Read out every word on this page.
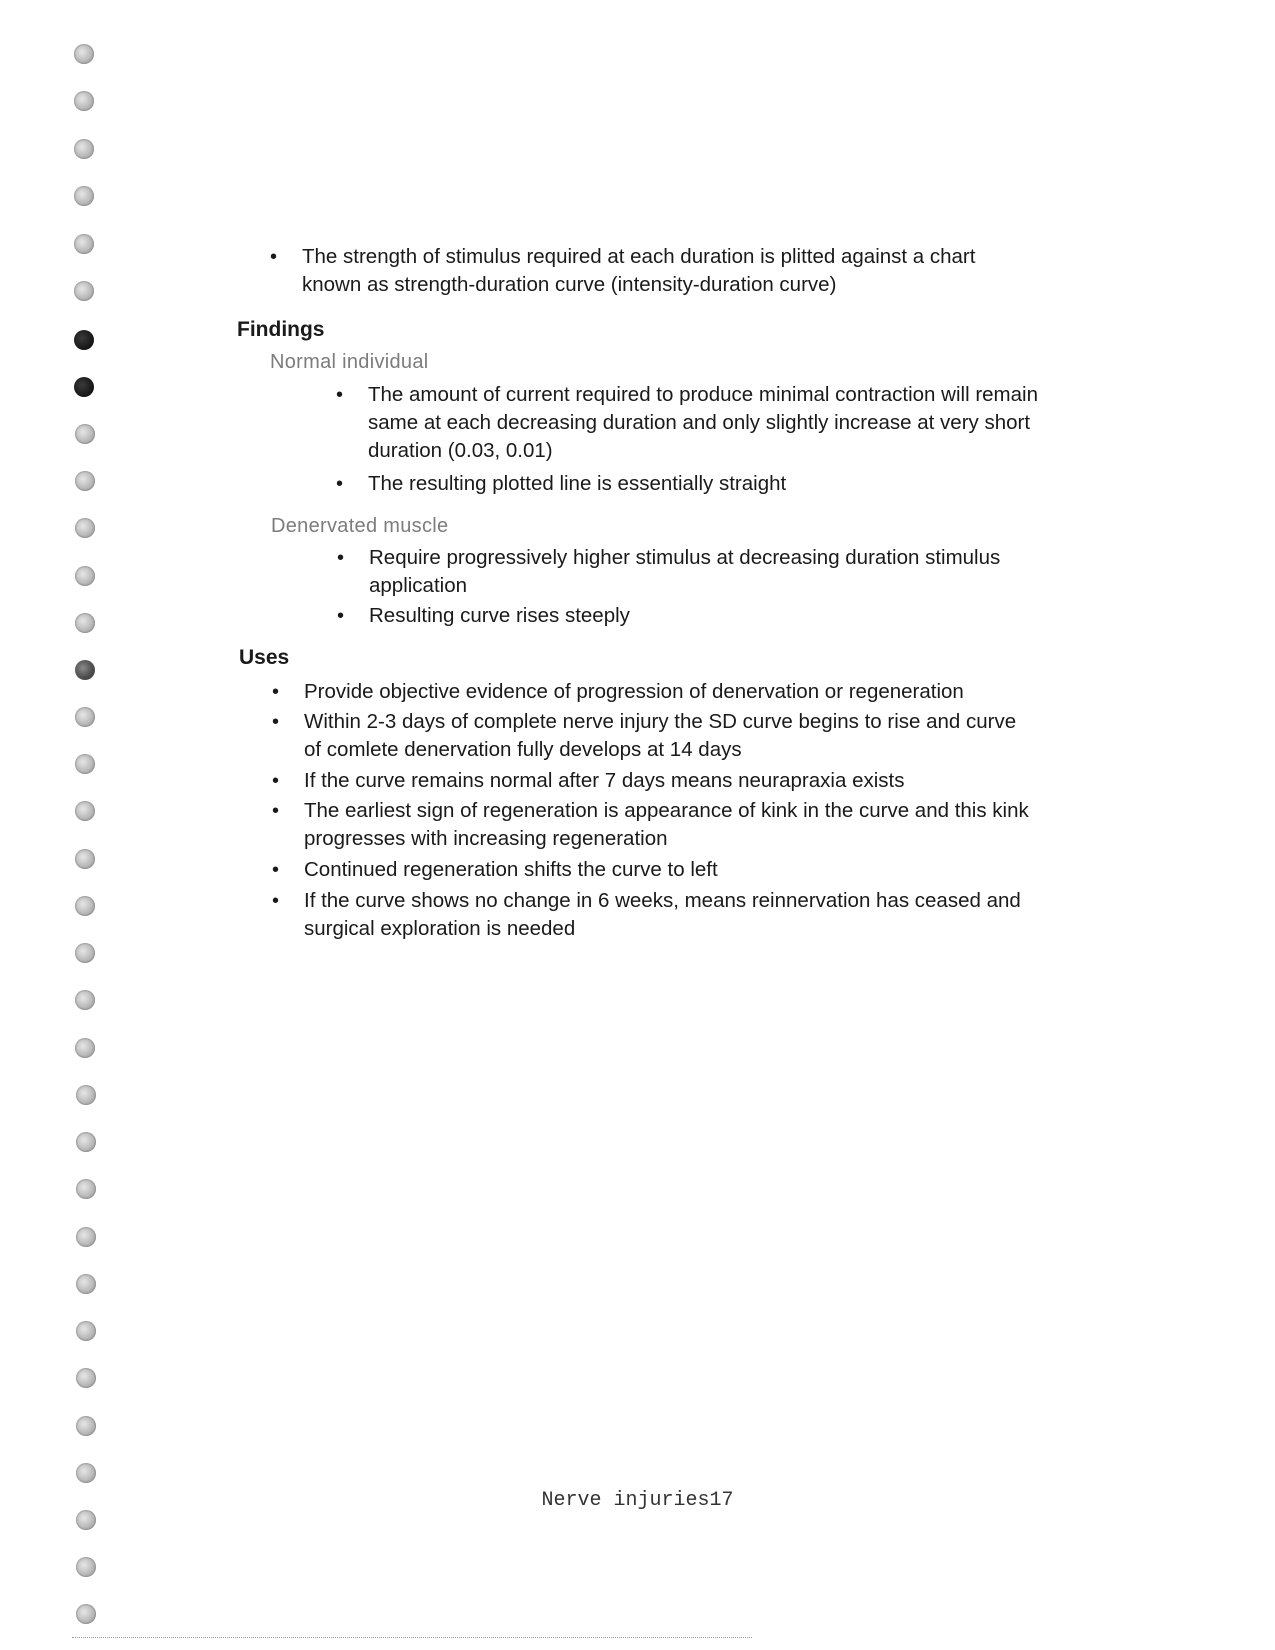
•	The strength of stimulus required at each duration is plitted against a chart known as strength-duration curve (intensity-duration curve)
Findings
Normal individual
•	The amount of current required to produce minimal contraction will remain same at each decreasing duration and only slightly increase at very short duration (0.03, 0.01)
•	The resulting plotted line is essentially straight
Denervated muscle
•	Require progressively higher stimulus at decreasing duration stimulus application
•	Resulting curve rises steeply
Uses
•	Provide objective evidence of progression of denervation or regeneration
•	Within 2-3 days of complete nerve injury the SD curve begins to rise and curve of comlete denervation fully develops at 14 days
•	If the curve remains normal after 7 days means neurapraxia exists
•	The earliest sign of regeneration is appearance of kink in the curve and this kink progresses with increasing regeneration
•	Continued regeneration shifts the curve to left
•	If the curve shows no change in 6 weeks, means reinnervation has ceased and surgical exploration is needed
Nerve injuries17
